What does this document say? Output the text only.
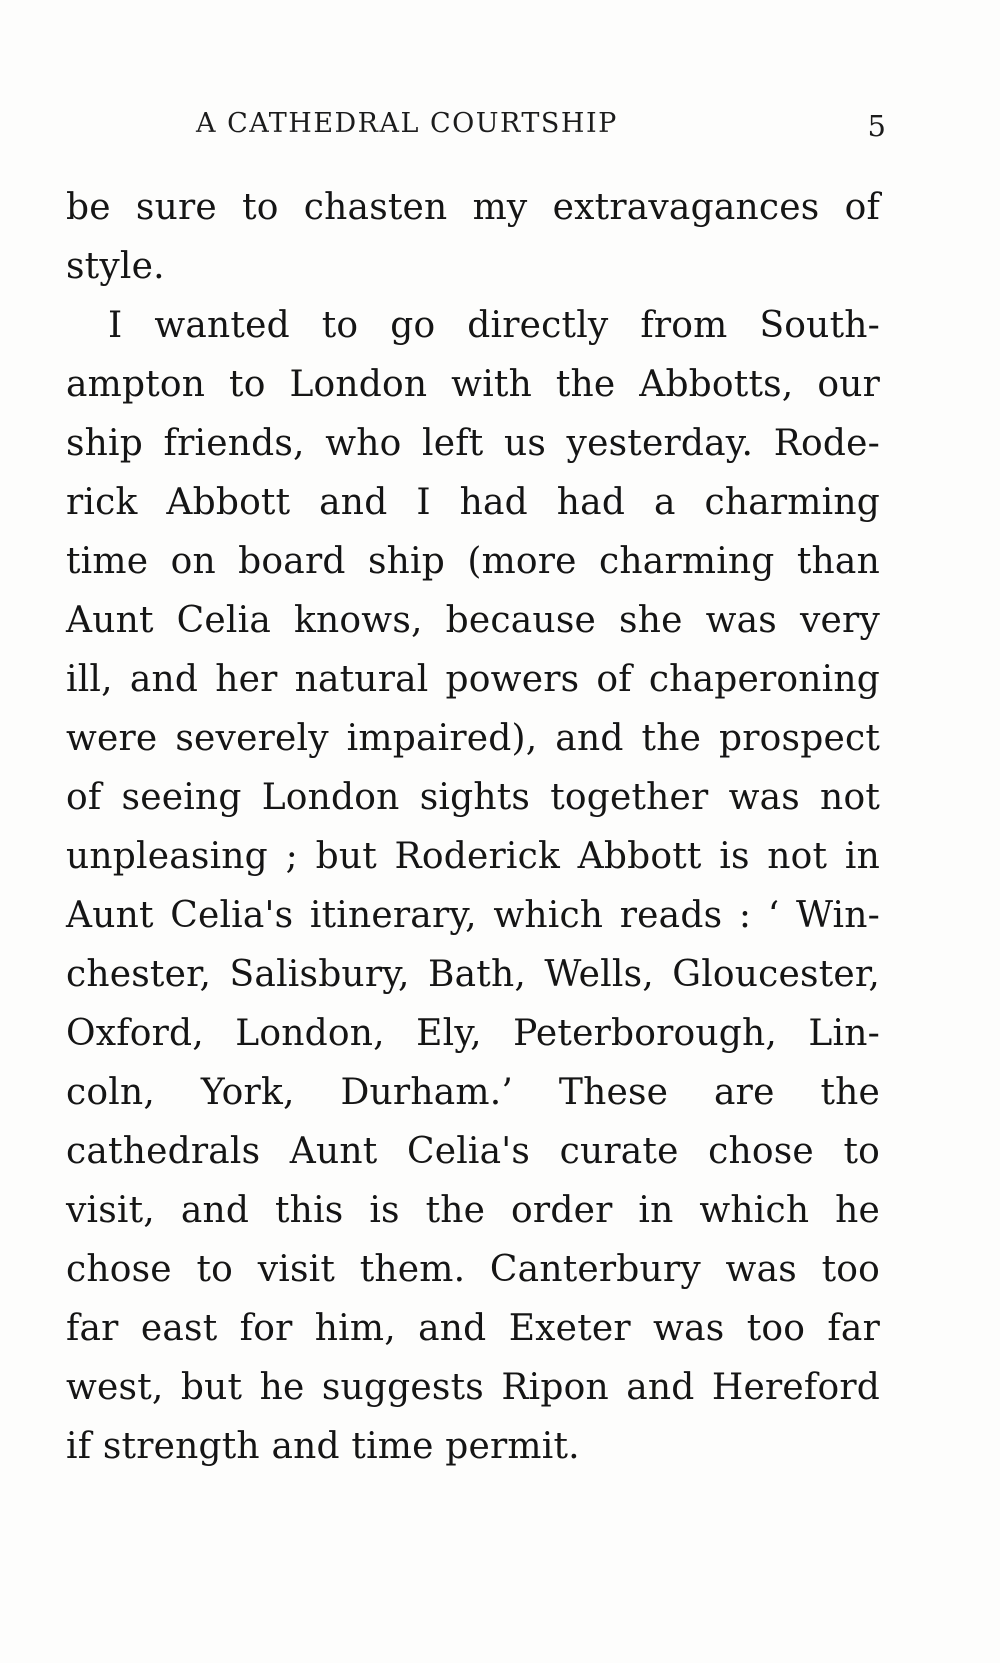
A CATHEDRAL COURTSHIP	5
be sure to chasten my extravagances of
style.
I wanted to go directly from South-
ampton to London with the Abbotts, our
ship friends, who left us yesterday. Rode-
rick Abbott and I had had a charming
time on board ship (more charming than
Aunt Celia knows, because she was very
ill, and her natural powers of chaperoning
were severely impaired), and the prospect
of seeing London sights together was not
unpleasing ; but Roderick Abbott is not in
Aunt Celia's itinerary, which reads : ‘ Win-
chester, Salisbury, Bath, Wells, Gloucester,
Oxford, London, Ely, Peterborough, Lin-
coln, York, Durham.’ These are the
cathedrals Aunt Celia's curate chose to
visit, and this is the order in which he
chose to visit them. Canterbury was too
far east for him, and Exeter was too far
west, but he suggests Ripon and Hereford
if strength and time permit.
